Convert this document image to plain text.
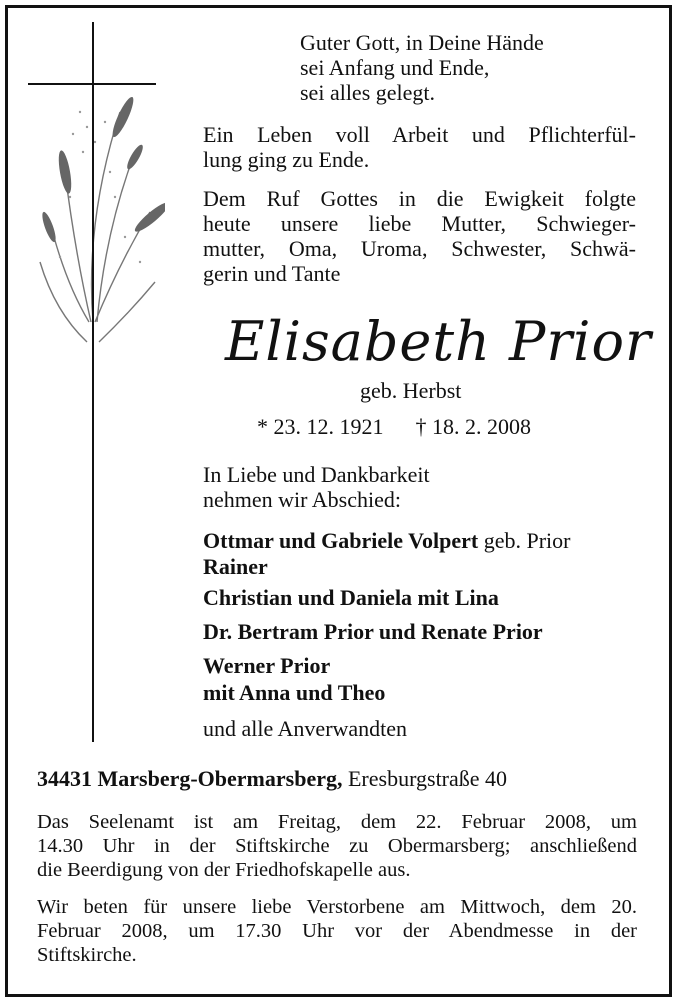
Guter Gott, in Deine Hände
sei Anfang und Ende,
sei alles gelegt.
Ein Leben voll Arbeit und Pflichterfül-
lung ging zu Ende.
Dem Ruf Gottes in die Ewigkeit folgte
heute unsere liebe Mutter, Schwieger-
mutter, Oma, Uroma, Schwester, Schwä-
gerin und Tante
Elisabeth Prior
geb. Herbst
* 23. 12. 1921 † 18. 2. 2008
In Liebe und Dankbarkeit
nehmen wir Abschied:
Ottmar und Gabriele Volpert geb. Prior
Rainer
Christian und Daniela mit Lina
Dr. Bertram Prior und Renate Prior
Werner Prior
mit Anna und Theo
und alle Anverwandten
34431 Marsberg-Obermarsberg, Eresburgstraße 40
Das Seelenamt ist am Freitag, dem 22. Februar 2008, um
14.30 Uhr in der Stiftskirche zu Obermarsberg; anschließend
die Beerdigung von der Friedhofskapelle aus.
Wir beten für unsere liebe Verstorbene am Mittwoch, dem 20.
Februar 2008, um 17.30 Uhr vor der Abendmesse in der
Stiftskirche.
